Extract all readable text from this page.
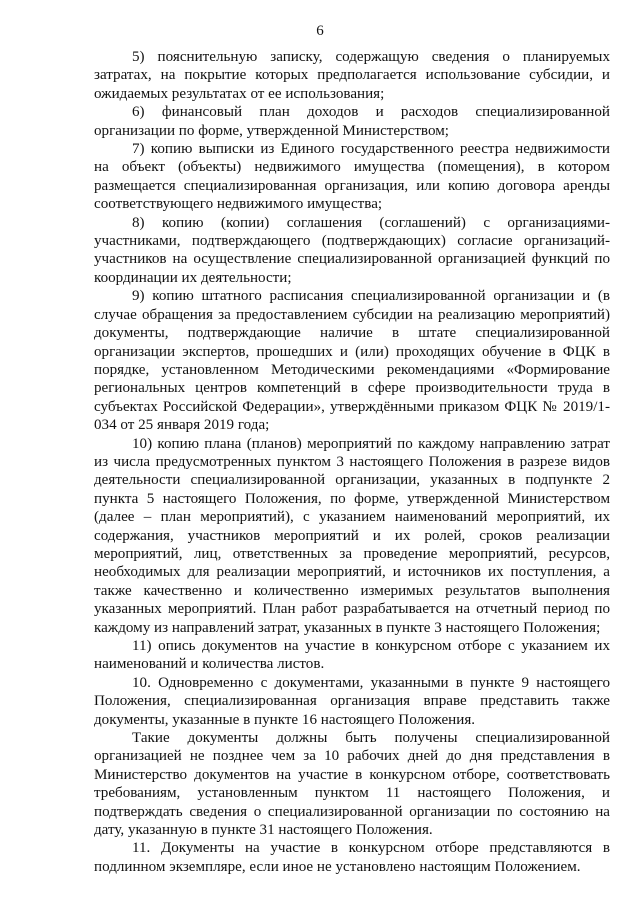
6

5) пояснительную записку, содержащую сведения о планируемых затратах, на покрытие которых предполагается использование субсидии, и ожидаемых результатах от ее использования;

6) финансовый план доходов и расходов специализированной организации по форме, утвержденной Министерством;

7) копию выписки из Единого государственного реестра недвижимости на объект (объекты) недвижимого имущества (помещения), в котором размещается специализированная организация, или копию договора аренды соответствующего недвижимого имущества;

8) копию (копии) соглашения (соглашений) с организациями-участниками, подтверждающего (подтверждающих) согласие организаций-участников на осуществление специализированной организацией функций по координации их деятельности;

9) копию штатного расписания специализированной организации и (в случае обращения за предоставлением субсидии на реализацию мероприятий) документы, подтверждающие наличие в штате специализированной организации экспертов, прошедших и (или) проходящих обучение в ФЦК в порядке, установленном Методическими рекомендациями «Формирование региональных центров компетенций в сфере производительности труда в субъектах Российской Федерации», утверждёнными приказом ФЦК № 2019/1-034 от 25 января 2019 года;

10) копию плана (планов) мероприятий по каждому направлению затрат из числа предусмотренных пунктом 3 настоящего Положения в разрезе видов деятельности специализированной организации, указанных в подпункте 2 пункта 5 настоящего Положения, по форме, утвержденной Министерством (далее – план мероприятий), с указанием наименований мероприятий, их содержания, участников мероприятий и их ролей, сроков реализации мероприятий, лиц, ответственных за проведение мероприятий, ресурсов, необходимых для реализации мероприятий, и источников их поступления, а также качественно и количественно измеримых результатов выполнения указанных мероприятий. План работ разрабатывается на отчетный период по каждому из направлений затрат, указанных в пункте 3 настоящего Положения;

11) опись документов на участие в конкурсном отборе с указанием их наименований и количества листов.

10. Одновременно с документами, указанными в пункте 9 настоящего Положения, специализированная организация вправе представить также документы, указанные в пункте 16 настоящего Положения.

Такие документы должны быть получены специализированной организацией не позднее чем за 10 рабочих дней до дня представления в Министерство документов на участие в конкурсном отборе, соответствовать требованиям, установленным пунктом 11 настоящего Положения, и подтверждать сведения о специализированной организации по состоянию на дату, указанную в пункте 31 настоящего Положения.

11. Документы на участие в конкурсном отборе представляются в подлинном экземпляре, если иное не установлено настоящим Положением.
